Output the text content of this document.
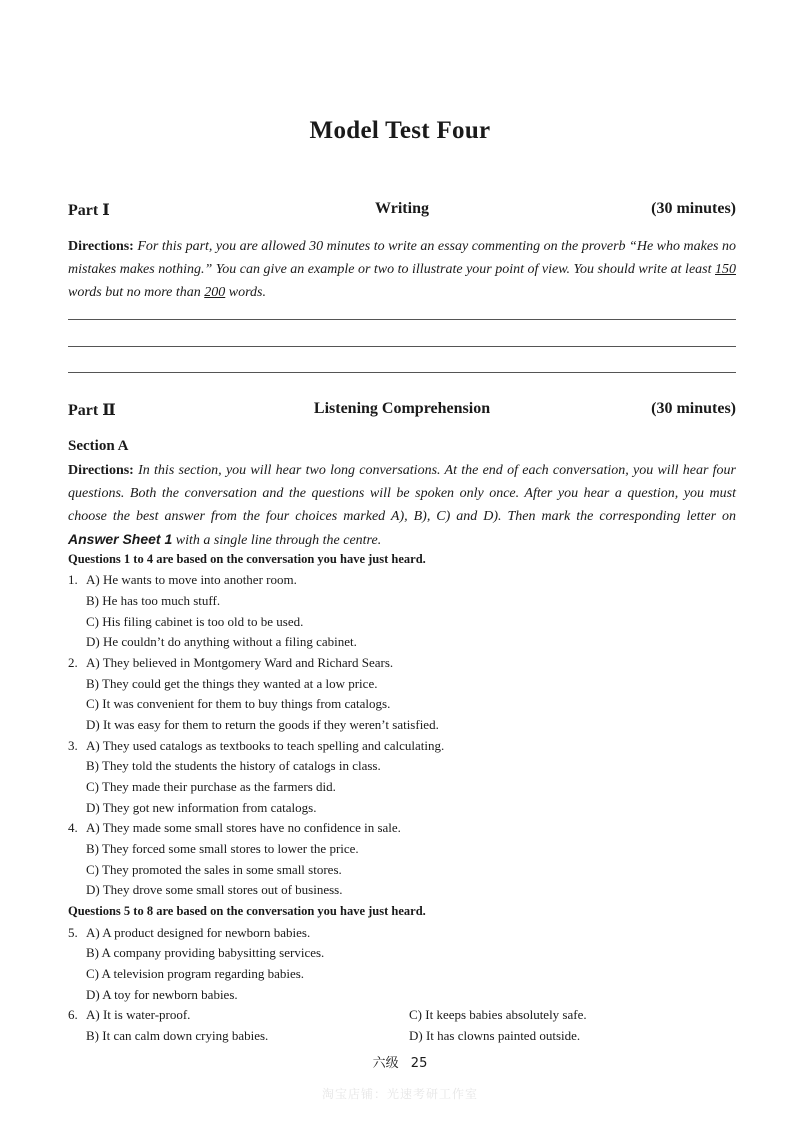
Model Test Four
Part Ⅰ	Writing	(30 minutes)
Directions: For this part, you are allowed 30 minutes to write an essay commenting on the proverb “He who makes no mistakes makes nothing.” You can give an example or two to illustrate your point of view. You should write at least 150 words but no more than 200 words.
Part Ⅱ	Listening Comprehension	(30 minutes)
Section A
Directions: In this section, you will hear two long conversations. At the end of each conversation, you will hear four questions. Both the conversation and the questions will be spoken only once. After you hear a question, you must choose the best answer from the four choices marked A), B), C) and D). Then mark the corresponding letter on Answer Sheet 1 with a single line through the centre.
Questions 1 to 4 are based on the conversation you have just heard.
1. A) He wants to move into another room.
B) He has too much stuff.
C) His filing cabinet is too old to be used.
D) He couldn’t do anything without a filing cabinet.
2. A) They believed in Montgomery Ward and Richard Sears.
B) They could get the things they wanted at a low price.
C) It was convenient for them to buy things from catalogs.
D) It was easy for them to return the goods if they weren’t satisfied.
3. A) They used catalogs as textbooks to teach spelling and calculating.
B) They told the students the history of catalogs in class.
C) They made their purchase as the farmers did.
D) They got new information from catalogs.
4. A) They made some small stores have no confidence in sale.
B) They forced some small stores to lower the price.
C) They promoted the sales in some small stores.
D) They drove some small stores out of business.
Questions 5 to 8 are based on the conversation you have just heard.
5. A) A product designed for newborn babies.
B) A company providing babysitting services.
C) A television program regarding babies.
D) A toy for newborn babies.
6. A) It is water-proof.
B) It can calm down crying babies.
C) It keeps babies absolutely safe.
D) It has clowns painted outside.
六级 25
淘宝店铺：光速考研工作室
